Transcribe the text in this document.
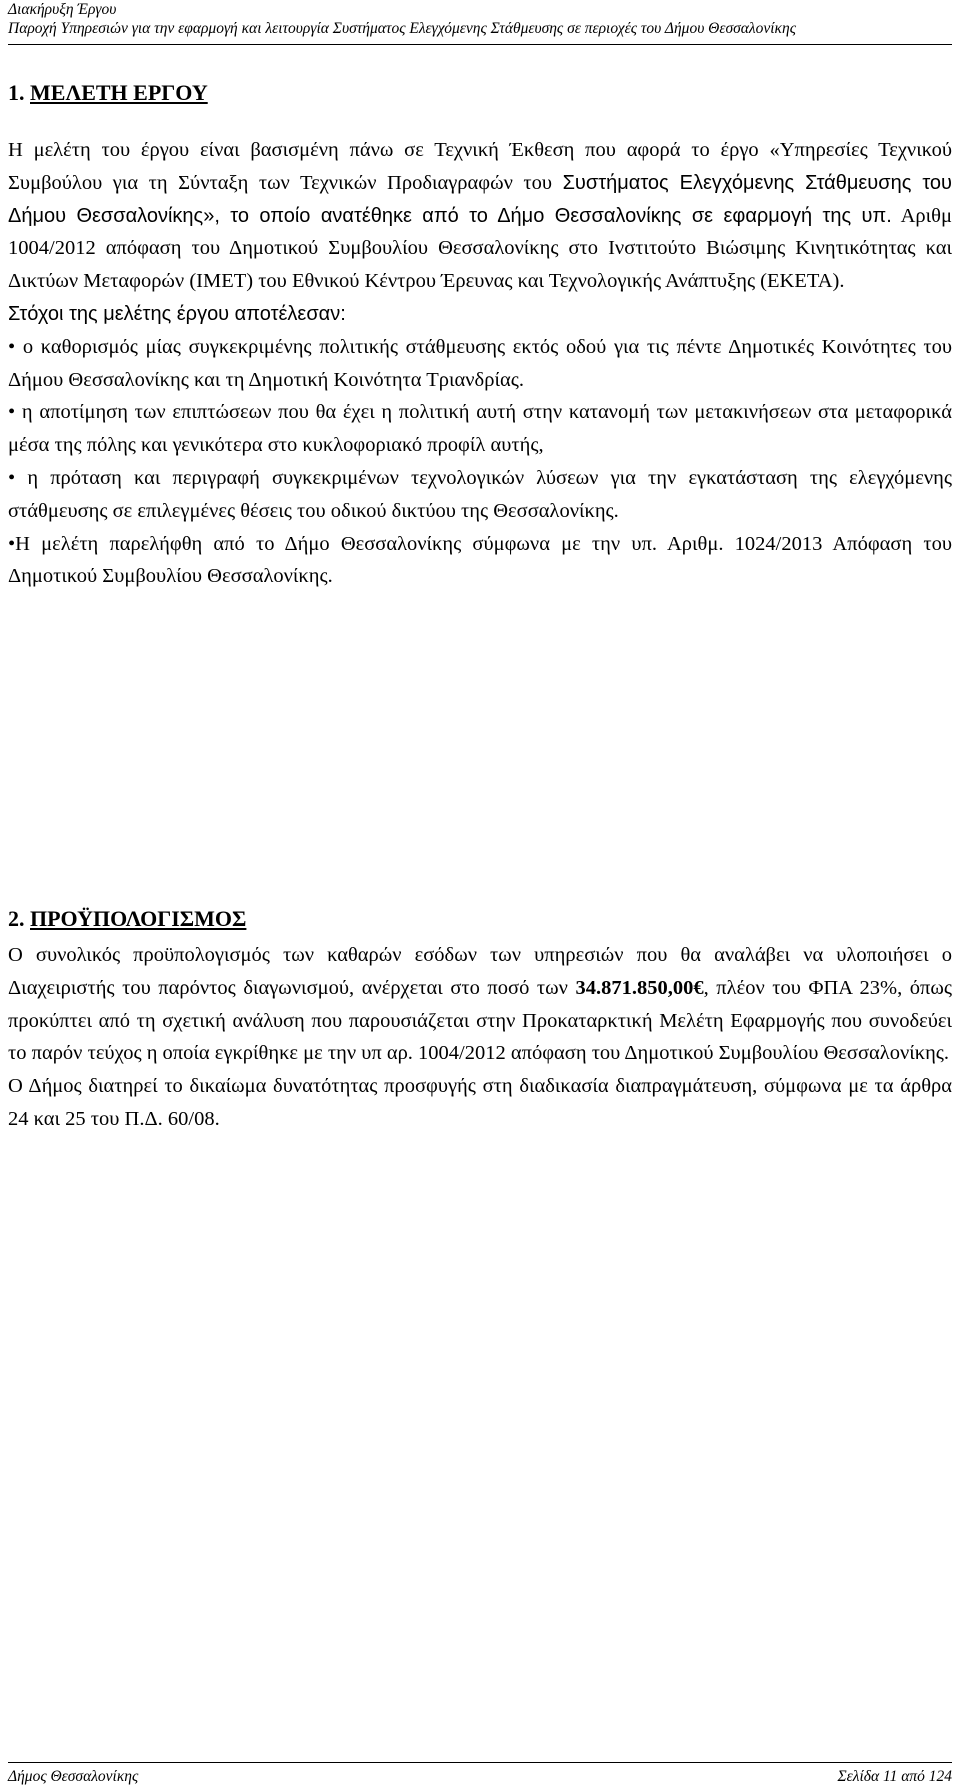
Διακήρυξη Έργου
Παροχή Υπηρεσιών για την εφαρμογή και λειτουργία Συστήματος Ελεγχόμενης Στάθμευσης σε περιοχές του Δήμου Θεσσαλονίκης
1. ΜΕΛΕΤΗ ΕΡΓΟΥ

Η μελέτη του έργου είναι βασισμένη πάνω σε Τεχνική Έκθεση που αφορά το έργο «Υπηρεσίες Τεχνικού Συμβούλου για τη Σύνταξη των Τεχνικών Προδιαγραφών του Συστήματος Ελεγχόμενης Στάθμευσης του Δήμου Θεσσαλονίκης», το οποίο ανατέθηκε από το Δήμο Θεσσαλονίκης σε εφαρμογή της υπ. Αριθμ 1004/2012 απόφαση του Δημοτικού Συμβουλίου Θεσσαλονίκης στο Ινστιτούτο Βιώσιμης Κινητικότητας και Δικτύων Μεταφορών (ΙΜΕΤ) του Εθνικού Κέντρου Έρευνας και Τεχνολογικής Ανάπτυξης (ΕΚΕΤΑ).

Στόχοι της μελέτης έργου αποτέλεσαν:

• ο καθορισμός μίας συγκεκριμένης πολιτικής στάθμευσης εκτός οδού για τις πέντε Δημοτικές Κοινότητες του Δήμου Θεσσαλονίκης και τη Δημοτική Κοινότητα Τριανδρίας.

• η αποτίμηση των επιπτώσεων που θα έχει η πολιτική αυτή στην κατανομή των μετακινήσεων στα μεταφορικά μέσα της πόλης και γενικότερα στο κυκλοφοριακό προφίλ αυτής,

• η πρόταση και περιγραφή συγκεκριμένων τεχνολογικών λύσεων για την εγκατάσταση της ελεγχόμενης στάθμευσης σε επιλεγμένες θέσεις του οδικού δικτύου της Θεσσαλονίκης.

•Η μελέτη παρελήφθη από το Δήμο Θεσσαλονίκης σύμφωνα με την υπ. Αριθμ. 1024/2013 Απόφαση του Δημοτικού Συμβουλίου Θεσσαλονίκης.

2. ΠΡΟΫΠΟΛΟΓΙΣΜΟΣ

Ο συνολικός προϋπολογισμός των καθαρών εσόδων των υπηρεσιών που θα αναλάβει να υλοποιήσει ο Διαχειριστής του παρόντος διαγωνισμού, ανέρχεται στο ποσό των 34.871.850,00€, πλέον του ΦΠΑ 23%, όπως προκύπτει από τη σχετική ανάλυση που παρουσιάζεται στην Προκαταρκτική Μελέτη Εφαρμογής που συνοδεύει το παρόν τεύχος η οποία εγκρίθηκε με την υπ αρ. 1004/2012 απόφαση του Δημοτικού Συμβουλίου Θεσσαλονίκης.

Ο Δήμος διατηρεί το δικαίωμα δυνατότητας προσφυγής στη διαδικασία διαπραγμάτευση, σύμφωνα με τα άρθρα 24 και 25 του Π.Δ. 60/08.

Δήμος Θεσσαλονίκης	Σελίδα 11 από 124
